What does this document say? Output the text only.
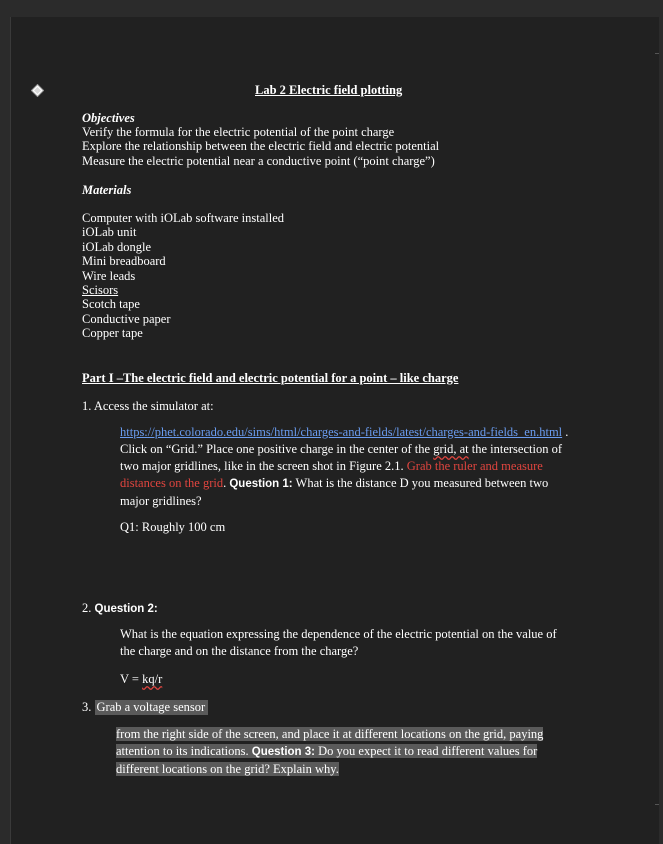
Lab 2 Electric field plotting
Objectives
Verify the formula for the electric potential of the point charge
Explore the relationship between the electric field and electric potential
Measure the electric potential near a conductive point (“point charge”)
Materials
Computer with iOLab software installed
iOLab unit
iOLab dongle
Mini breadboard
Wire leads
Scisors
Scotch tape
Conductive paper
Copper tape
Part I –The electric field and electric potential for a point – like charge
1. Access the simulator at:
https://phet.colorado.edu/sims/html/charges-and-fields/latest/charges-and-fields_en.html .
Click on “Grid.” Place one positive charge in the center of the grid, at the intersection of
two major gridlines, like in the screen shot in Figure 2.1. Grab the ruler and measure
distances on the grid. Question 1: What is the distance D you measured between two
major gridlines?
Q1: Roughly 100 cm
2. Question 2:
What is the equation expressing the dependence of the electric potential on the value of
the charge and on the distance from the charge?
V = kq/r
3. Grab a voltage sensor
from the right side of the screen, and place it at different locations on the grid, paying
attention to its indications. Question 3: Do you expect it to read different values for
different locations on the grid? Explain why.
